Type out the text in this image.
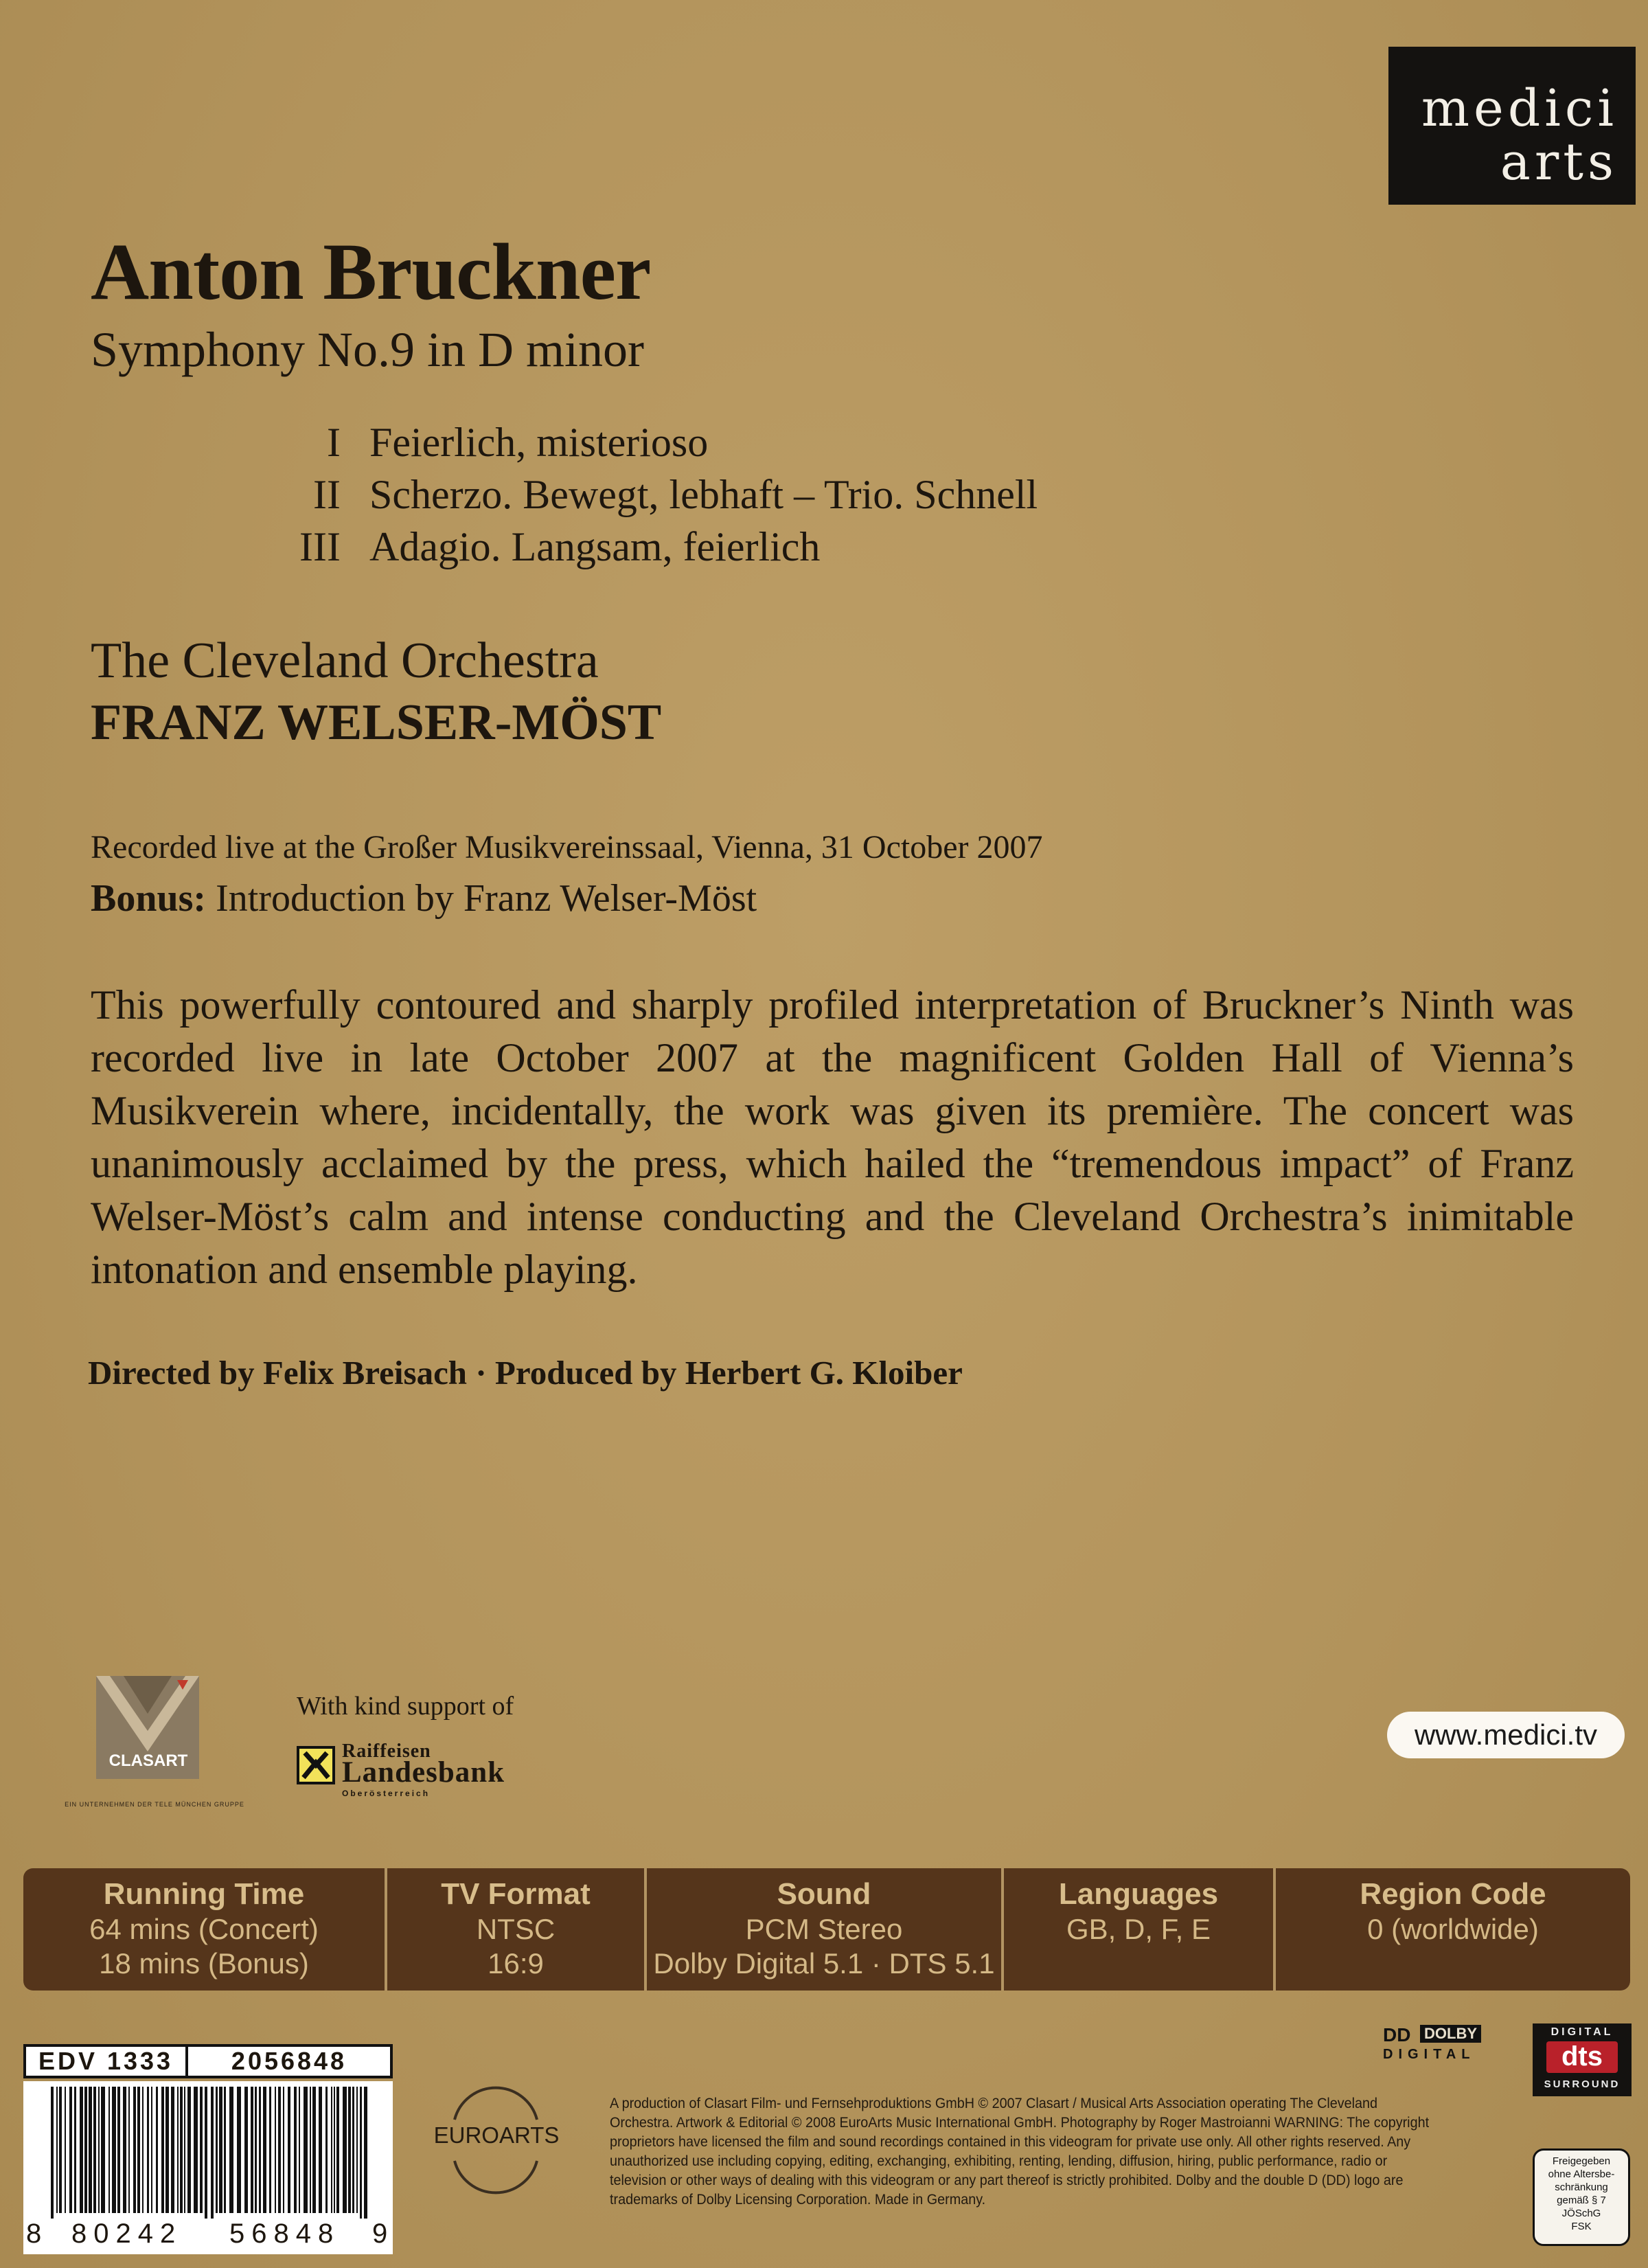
medici
arts
Anton Bruckner
Symphony No.9 in D minor
I Feierlich, misterioso
II Scherzo. Bewegt, lebhaft – Trio. Schnell
III Adagio. Langsam, feierlich
The Cleveland Orchestra
FRANZ WELSER-MÖST
Recorded live at the Großer Musikvereinssaal, Vienna, 31 October 2007
Bonus: Introduction by Franz Welser-Möst
This powerfully contoured and sharply profiled interpretation of Bruckner’s Ninth was recorded live in late October 2007 at the magnificent Golden Hall of Vienna’s Musikverein where, incidentally, the work was given its première. The concert was unanimously acclaimed by the press, which hailed the “tremendous impact” of Franz Welser-Möst’s calm and intense conducting and the Cleveland Orchestra’s inimitable intonation and ensemble playing.
Directed by Felix Breisach · Produced by Herbert G. Kloiber
CLASART
EIN UNTERNEHMEN DER TELE MÜNCHEN GRUPPE
With kind support of
Raiffeisen
Landesbank
Oberösterreich
www.medici.tv
Running Time
64 mins (Concert)
18 mins (Bonus)
TV Format
NTSC
16:9
Sound
PCM Stereo
Dolby Digital 5.1 · DTS 5.1
Languages
GB, D, F, E
Region Code
0 (worldwide)
EDV 1333	2056848
8 80242 56848 9
EUROARTS
A production of Clasart Film- und Fernsehproduktions GmbH © 2007 Clasart / Musical Arts Association operating The Cleveland Orchestra. Artwork & Editorial © 2008 EuroArts Music International GmbH. Photography by Roger Mastroianni WARNING: The copyright proprietors have licensed the film and sound recordings contained in this videogram for private use only. All other rights reserved. Any unauthorized use including copying, editing, exchanging, exhibiting, renting, lending, diffusion, hiring, public performance, radio or television or other ways of dealing with this videogram or any part thereof is strictly prohibited. Dolby and the double D (DD) logo are trademarks of Dolby Licensing Corporation. Made in Germany.
DD DOLBY
DIGITAL
DIGITAL
dts
SURROUND
Freigegeben
ohne Altersbe-
schränkung
gemäß § 7
JÖSchG
FSK
